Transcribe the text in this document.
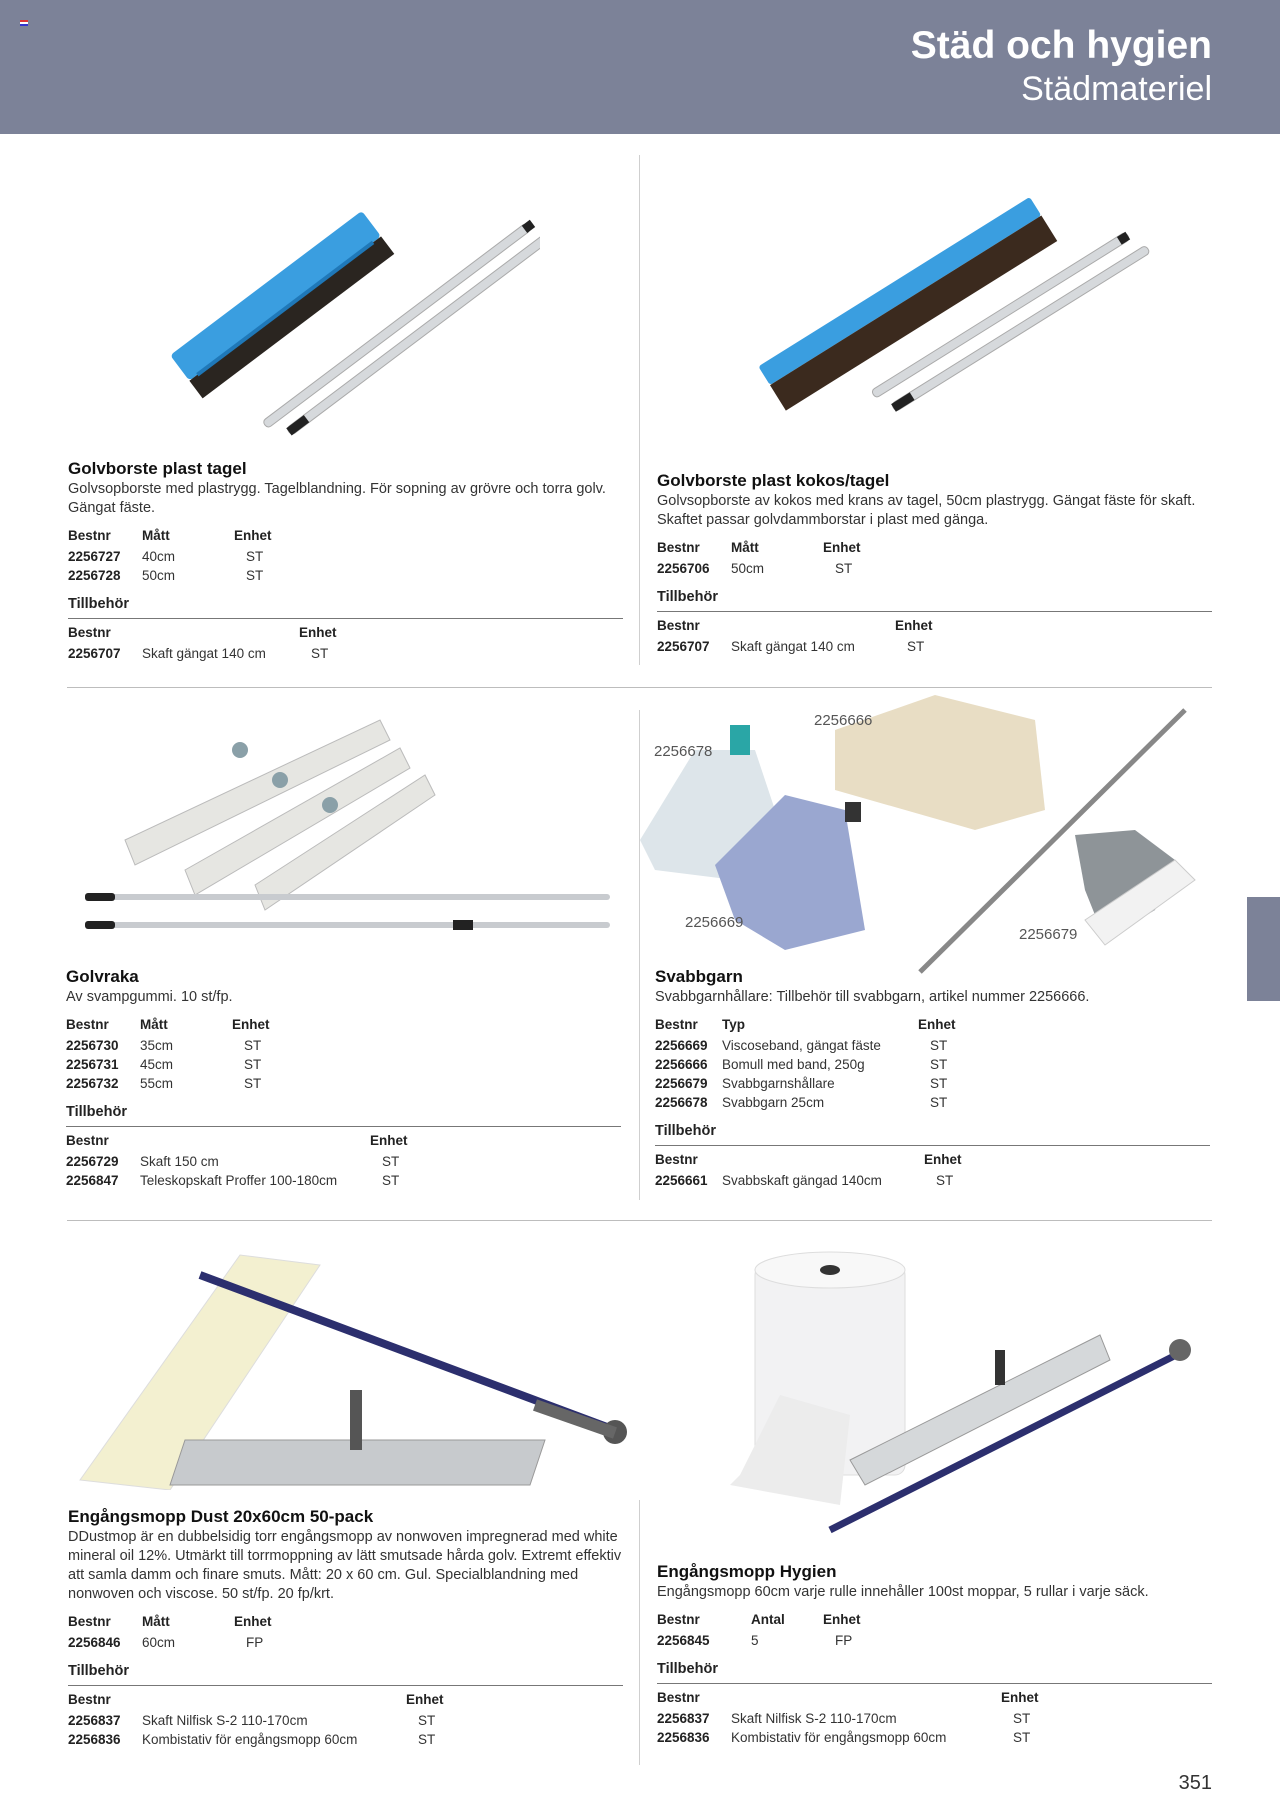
Städ och hygien
Städmateriel
2256666
2256678
2256669
2256679
Golvborste plast tagel
Golvsopborste med plastrygg. Tagelblandning. För sopning av grövre och torra golv. Gängat fäste.
Bestnr	Mått	Enhet
2256727	40cm	ST
2256728	50cm	ST
Tillbehör
Bestnr		Enhet
2256707	Skaft gängat 140 cm	ST
Golvborste plast kokos/tagel
Golvsopborste av kokos med krans av tagel, 50cm plastrygg. Gängat fäste för skaft. Skaftet passar golvdammborstar i plast med gänga.
Bestnr	Mått	Enhet
2256706	50cm	ST
Tillbehör
Bestnr		Enhet
2256707	Skaft gängat 140 cm	ST
Golvraka
Av svampgummi. 10 st/fp.
Bestnr	Mått	Enhet
2256730	35cm	ST
2256731	45cm	ST
2256732	55cm	ST
Tillbehör
Bestnr		Enhet
2256729	Skaft 150 cm	ST
2256847	Teleskopskaft Proffer 100-180cm	ST
Svabbgarn
Svabbgarnhållare: Tillbehör till svabbgarn, artikel nummer 2256666.
Bestnr	Typ	Enhet
2256669	Viscoseband, gängat fäste	ST
2256666	Bomull med band, 250g	ST
2256679	Svabbgarnshållare	ST
2256678	Svabbgarn 25cm	ST
Tillbehör
Bestnr		Enhet
2256661	Svabbskaft gängad 140cm	ST
Engångsmopp Dust 20x60cm 50-pack
DDustmop är en dubbelsidig torr engångsmopp av nonwoven impregnerad med white mineral oil 12%. Utmärkt till torrmoppning av lätt smutsade hårda golv. Extremt effektiv att samla damm och finare smuts. Mått: 20 x 60 cm. Gul. Specialblandning med nonwoven och viscose. 50 st/fp. 20 fp/krt.
Bestnr	Mått	Enhet
2256846	60cm	FP
Tillbehör
Bestnr		Enhet
2256837	Skaft Nilfisk S-2 110-170cm	ST
2256836	Kombistativ för engångsmopp 60cm	ST
Engångsmopp Hygien
Engångsmopp 60cm varje rulle innehåller 100st moppar, 5 rullar i varje säck.
Bestnr	Antal	Enhet
2256845	5	FP
Tillbehör
Bestnr		Enhet
2256837	Skaft Nilfisk S-2 110-170cm	ST
2256836	Kombistativ för engångsmopp 60cm	ST
351
